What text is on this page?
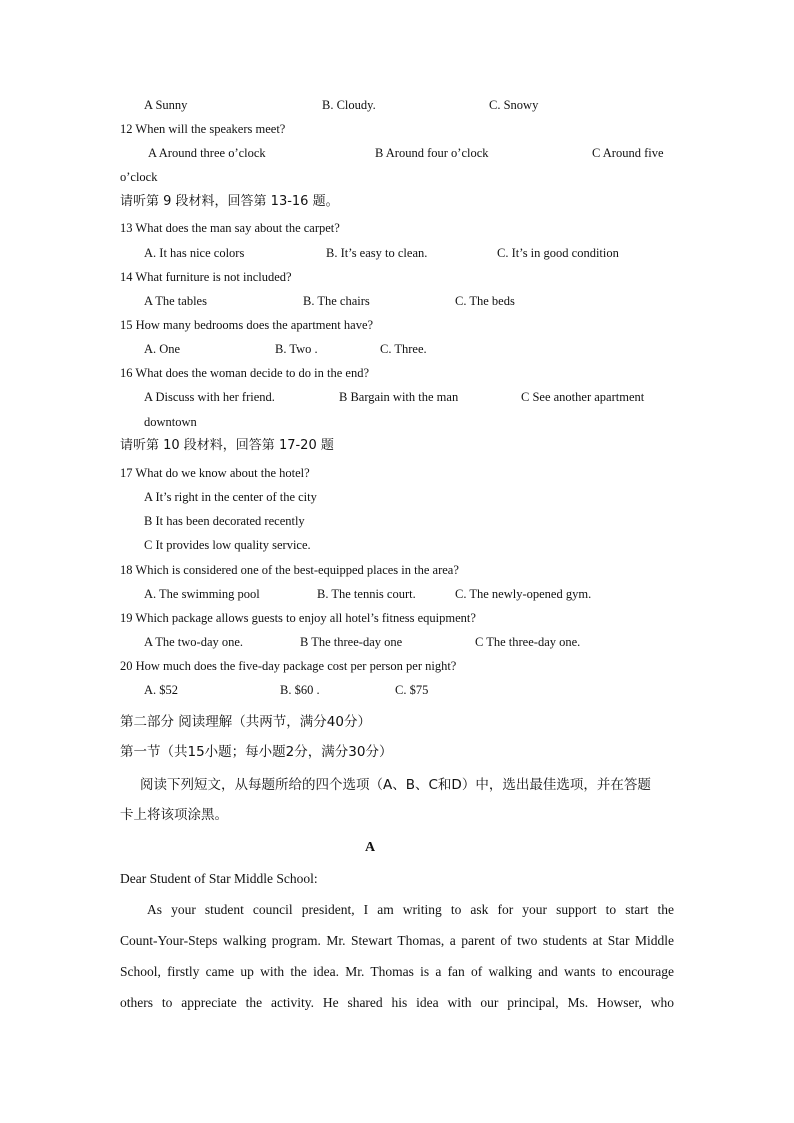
A Sunny	B. Cloudy.	C. Snowy
12 When will the speakers meet?
A Around three o’clock	B Around four o’clock	C Around five
o’clock
请听第 9 段材料，回答第 13-16 题。
13 What does the man say about the carpet?
A. It has nice colors	B. It’s easy to clean.	C. It’s in good condition
14 What furniture is not included?
A The tables	B. The chairs	C. The beds
15 How many bedrooms does the apartment have?
A. One	B. Two .	C. Three.
16 What does the woman decide to do in the end?
A Discuss with her friend.	B Bargain with the man	C See another apartment
downtown
请听第 10 段材料，回答第 17-20 题
17 What do we know about the hotel?
A It’s right in the center of the city
B It has been decorated recently
C It provides low quality service.
18 Which is considered one of the best-equipped places in the area?
A. The swimming pool	B. The tennis court.	C. The newly-opened gym.
19 Which package allows guests to enjoy all hotel’s fitness equipment?
A The two-day one.	B The three-day one	C The three-day one.
20 How much does the five-day package cost per person per night?
A. $52	B. $60 .	C. $75
第二部分 阅读理解（共两节，满分40分）
第一节（共15小题；每小题2分，满分30分）
阅读下列短文，从每题所给的四个选项（A、B、C和D）中，选出最佳选项，并在答题
卡上将该项涂黑。
A
Dear Student of Star Middle School:
As your student council president, I am writing to ask for your support to start the
Count-Your-Steps walking program. Mr. Stewart Thomas, a parent of two students at Star Middle
School, firstly came up with the idea. Mr. Thomas is a fan of walking and wants to encourage
others to appreciate the activity. He shared his idea with our principal, Ms. Howser, who
